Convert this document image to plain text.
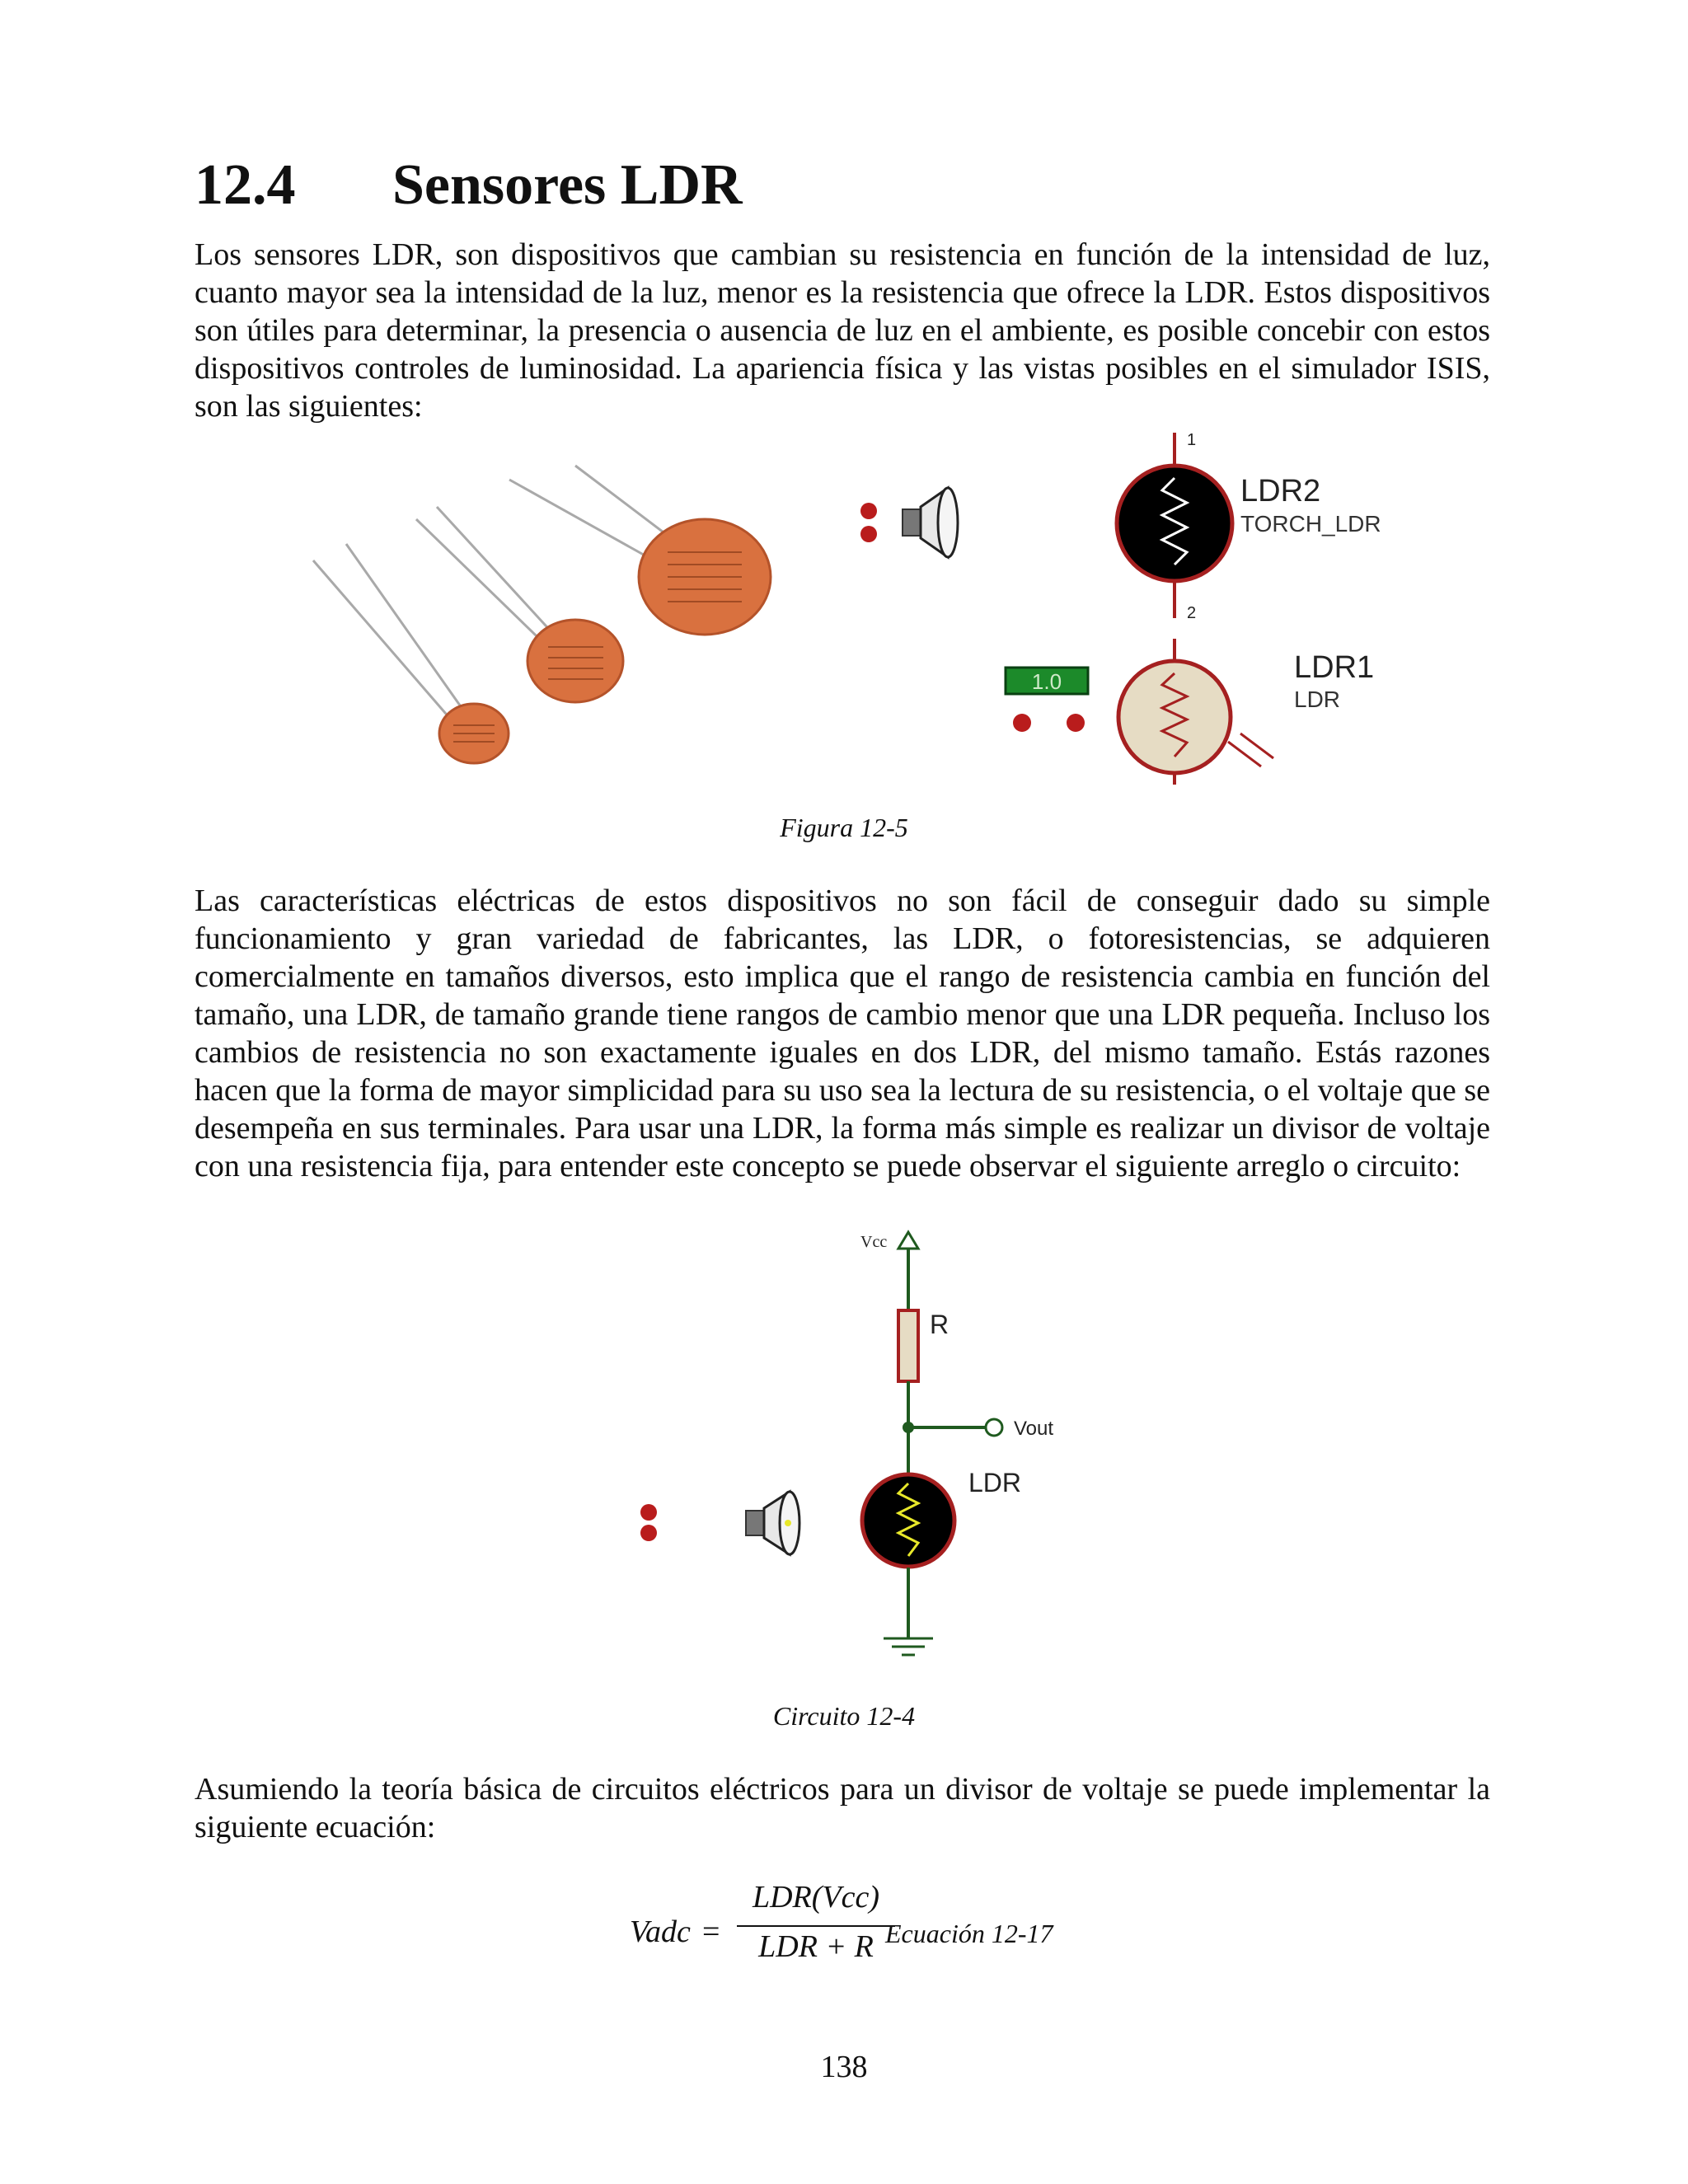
12.4 Sensores LDR

Los sensores LDR, son dispositivos que cambian su resistencia en función de la intensidad de luz, cuanto mayor sea la intensidad de la luz, menor es la resistencia que ofrece la LDR. Estos dispositivos son útiles para determinar, la presencia o ausencia de luz en el ambiente, es posible concebir con estos dispositivos controles de luminosidad. La apariencia física y las vistas posibles en el simulador ISIS, son las siguientes:

1
2
LDR2
TORCH_LDR
1.0	LDR1
LDR

Figura 12-5

Las características eléctricas de estos dispositivos no son fácil de conseguir dado su simple funcionamiento y gran variedad de fabricantes, las LDR, o fotoresistencias, se adquieren comercialmente en tamaños diversos, esto implica que el rango de resistencia cambia en función del tamaño, una LDR, de tamaño grande tiene rangos de cambio menor que una LDR pequeña. Incluso los cambios de resistencia no son exactamente iguales en dos LDR, del mismo tamaño. Estás razones hacen que la forma de mayor simplicidad para su uso sea la lectura de su resistencia, o el voltaje que se desempeña en sus terminales. Para usar una LDR, la forma más simple es realizar un divisor de voltaje con una resistencia fija, para entender este concepto se puede observar el siguiente arreglo o circuito:

Vcc
R
Vout
LDR

Circuito 12-4

Asumiendo la teoría básica de circuitos eléctricos para un divisor de voltaje se puede implementar la siguiente ecuación:

Vadc =
LDR(Vcc)
LDR + R Ecuación 12-17

138
